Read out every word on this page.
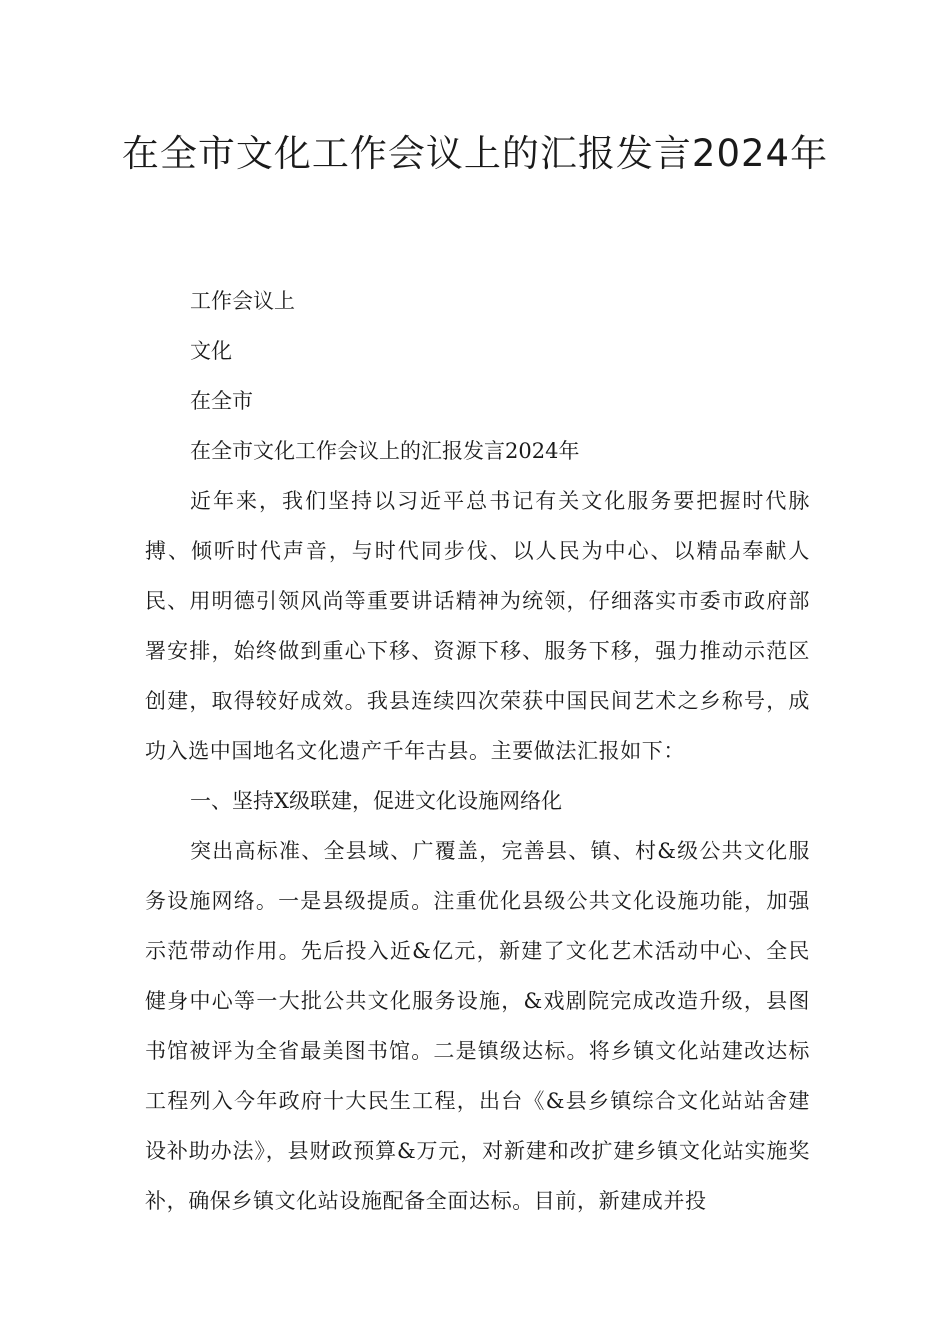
在全市文化工作会议上的汇报发言2024年

工作会议上

文化

在全市

在全市文化工作会议上的汇报发言2024年

近年来，我们坚持以习近平总书记有关文化服务要把握时代脉搏、倾听时代声音，与时代同步伐、以人民为中心、以精品奉献人民、用明德引领风尚等重要讲话精神为统领，仔细落实市委市政府部署安排，始终做到重心下移、资源下移、服务下移，强力推动示范区创建，取得较好成效。我县连续四次荣获中国民间艺术之乡称号，成功入选中国地名文化遗产千年古县。主要做法汇报如下：

一、坚持X级联建，促进文化设施网络化

突出高标准、全县域、广覆盖，完善县、镇、村&级公共文化服务设施网络。一是县级提质。注重优化县级公共文化设施功能，加强示范带动作用。先后投入近&亿元，新建了文化艺术活动中心、全民健身中心等一大批公共文化服务设施，&戏剧院完成改造升级，县图书馆被评为全省最美图书馆。二是镇级达标。将乡镇文化站建改达标工程列入今年政府十大民生工程，出台《&县乡镇综合文化站站舍建设补助办法》，县财政预算&万元，对新建和改扩建乡镇文化站实施奖补，确保乡镇文化站设施配备全面达标。目前，新建成并投
